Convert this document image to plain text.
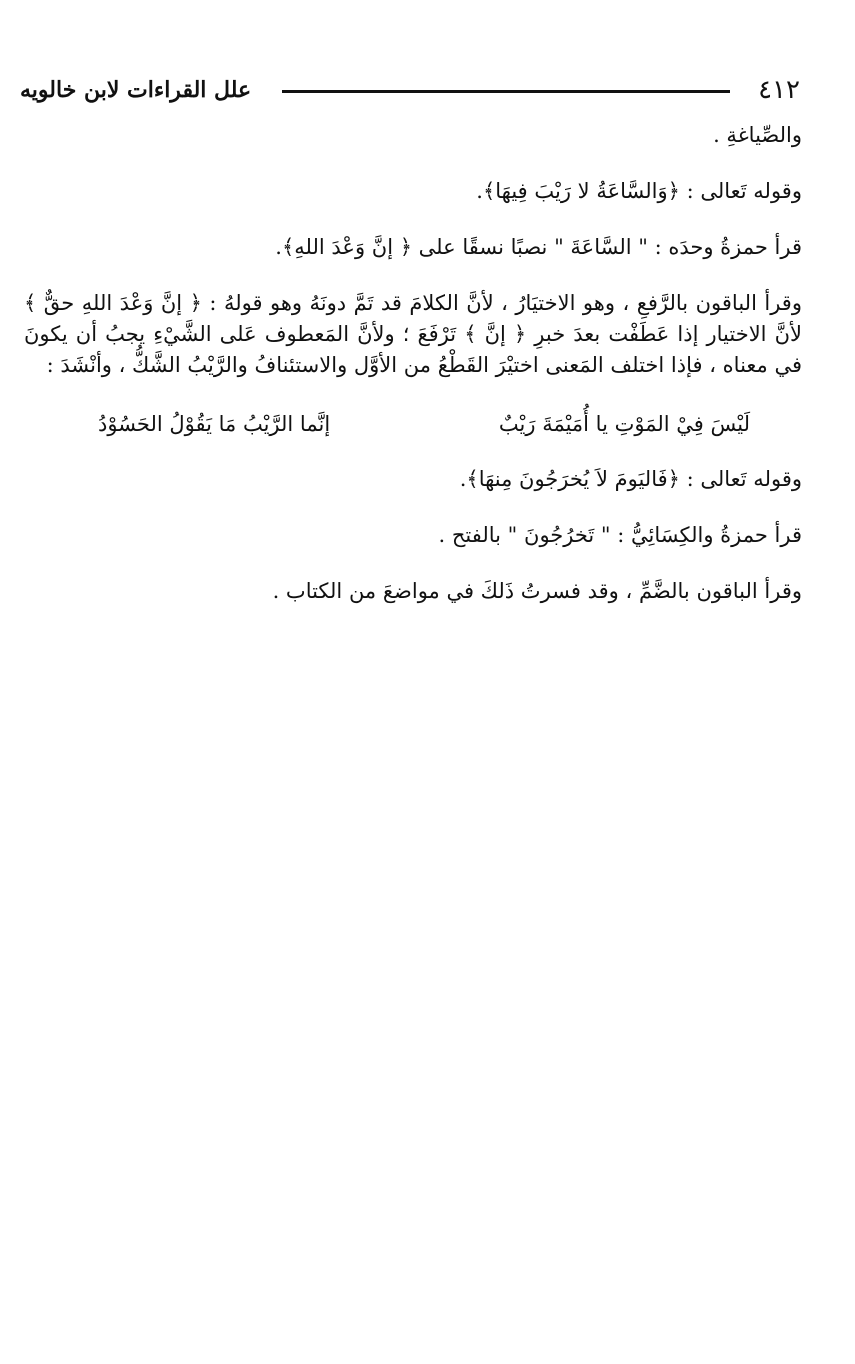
علل القراءات لابن خالويه	٤١٢

والصِّياغةِ .

وقوله تَعالى : ﴿وَالسَّاعَةُ لا رَيْبَ فِيهَا﴾.

قرأ حمزةُ وحدَه : " السَّاعَةَ " نصبًا نسقًا على ﴿ إنَّ وَعْدَ اللهِ﴾.

وقرأ الباقون بالرَّفعِ ، وهو الاختيَارُ ، لأنَّ الكلامَ قد تَمَّ دونَهُ وهو قولهُ : ﴿ إنَّ وَعْدَ اللهِ حقٌّ ﴾ لأنَّ الاختيار إذا عَطَفْت بعدَ خبرِ ﴿ إنَّ ﴾ تَرْفَعَ ؛ ولأنَّ المَعطوف عَلى الشَّيْءِ يجبُ أن يكونَ في معناه ، فإذا اختلف المَعنى اختيْرَ القَطْعُ من الأوَّل والاستئنافُ والرَّيْبُ الشَّكُّ ، وأنْشَدَ :

لَيْسَ فِيْ المَوْتِ يا أُمَيْمَةَ رَيْبٌ
إنَّما الرَّيْبُ مَا يَقُوْلُ الحَسُوْدُ

وقوله تَعالى : ﴿فَاليَومَ لاَ يُخرَجُونَ مِنهَا﴾.

قرأ حمزةُ والكِسَائِيُّ : " تَخرُجُونَ " بالفتح .

وقرأ الباقون بالضَّمِّ ، وقد فسرتُ ذَلكَ في مواضعَ من الكتاب .
